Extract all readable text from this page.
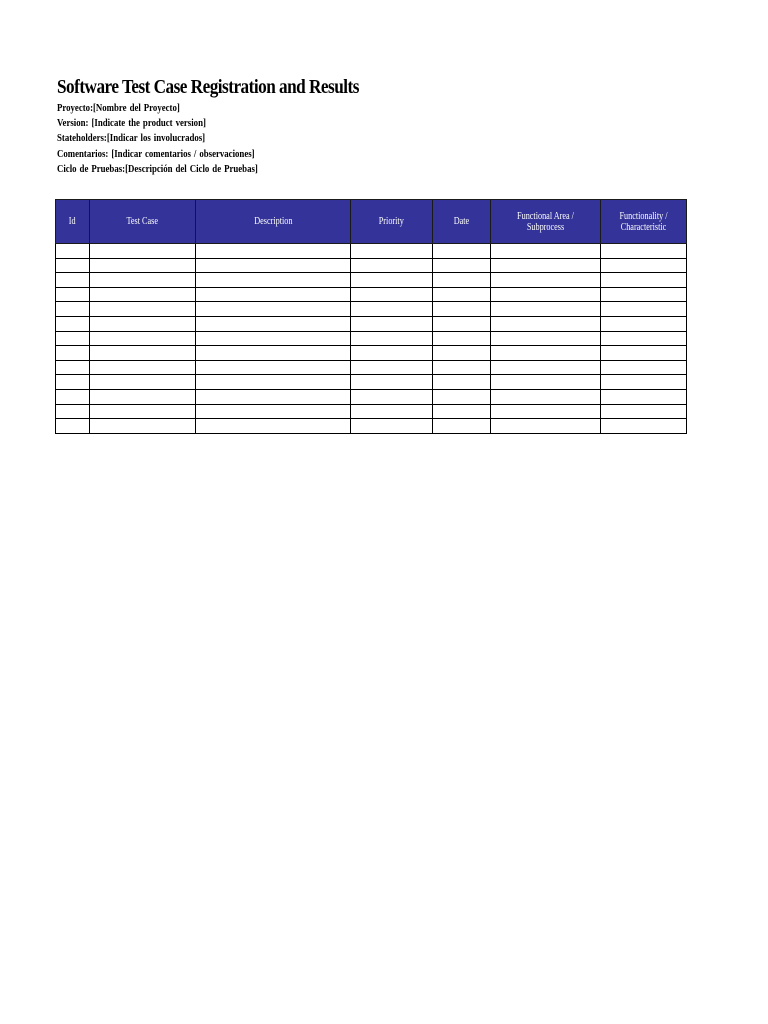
Software Test Case Registration and Results
Proyecto:[Nombre del Proyecto]
Version: [Indicate the product version]
Stateholders:[Indicar los involucrados]
Comentarios: [Indicar comentarios / observaciones]
Ciclo de Pruebas:[Descripción del Ciclo de Pruebas]
Id	Test Case	Description	Priority	Date	Functional Area / Subprocess	Functionality / Characteristic
